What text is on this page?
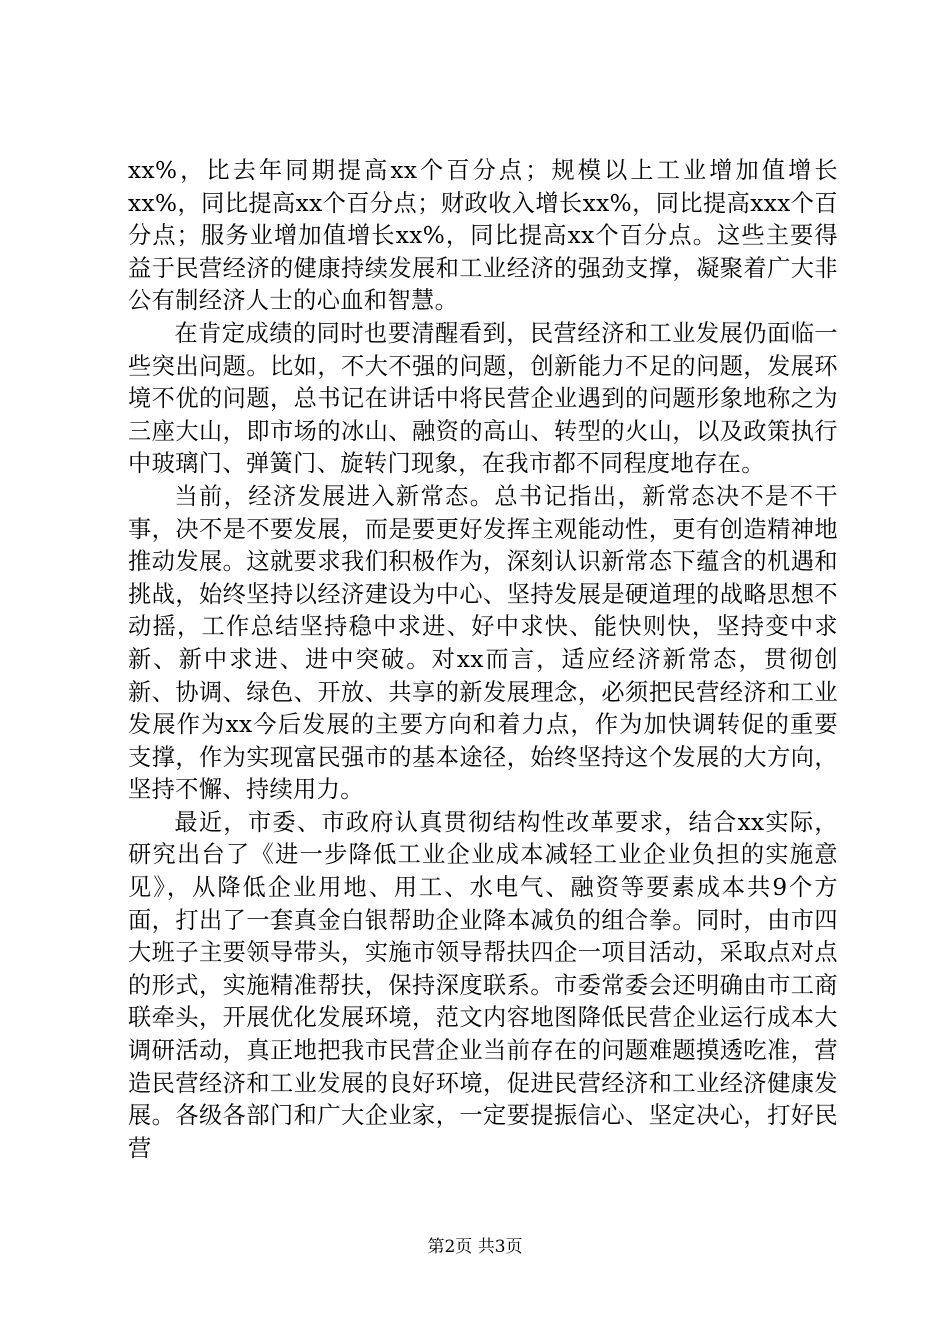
xx%，比去年同期提高xx个百分点；规模以上工业增加值增长xx%，同比提高xx个百分点；财政收入增长xx%，同比提高xxx个百分点；服务业增加值增长xx%，同比提高xx个百分点。这些主要得益于民营经济的健康持续发展和工业经济的强劲支撑，凝聚着广大非公有制经济人士的心血和智慧。

在肯定成绩的同时也要清醒看到，民营经济和工业发展仍面临一些突出问题。比如，不大不强的问题，创新能力不足的问题，发展环境不优的问题，总书记在讲话中将民营企业遇到的问题形象地称之为三座大山，即市场的冰山、融资的高山、转型的火山，以及政策执行中玻璃门、弹簧门、旋转门现象，在我市都不同程度地存在。

当前，经济发展进入新常态。总书记指出，新常态决不是不干事，决不是不要发展，而是要更好发挥主观能动性，更有创造精神地推动发展。这就要求我们积极作为，深刻认识新常态下蕴含的机遇和挑战，始终坚持以经济建设为中心、坚持发展是硬道理的战略思想不动摇，工作总结坚持稳中求进、好中求快、能快则快，坚持变中求新、新中求进、进中突破。对xx而言，适应经济新常态，贯彻创新、协调、绿色、开放、共享的新发展理念，必须把民营经济和工业发展作为xx今后发展的主要方向和着力点，作为加快调转促的重要支撑，作为实现富民强市的基本途径，始终坚持这个发展的大方向，坚持不懈、持续用力。

最近，市委、市政府认真贯彻结构性改革要求，结合xx实际，研究出台了《进一步降低工业企业成本减轻工业企业负担的实施意见》，从降低企业用地、用工、水电气、融资等要素成本共9个方面，打出了一套真金白银帮助企业降本减负的组合拳。同时，由市四大班子主要领导带头，实施市领导帮扶四企一项目活动，采取点对点的形式，实施精准帮扶，保持深度联系。市委常委会还明确由市工商联牵头，开展优化发展环境，范文内容地图降低民营企业运行成本大调研活动，真正地把我市民营企业当前存在的问题难题摸透吃准，营造民营经济和工业发展的良好环境，促进民营经济和工业经济健康发展。各级各部门和广大企业家，一定要提振信心、坚定决心，打好民营

第2页 共3页
